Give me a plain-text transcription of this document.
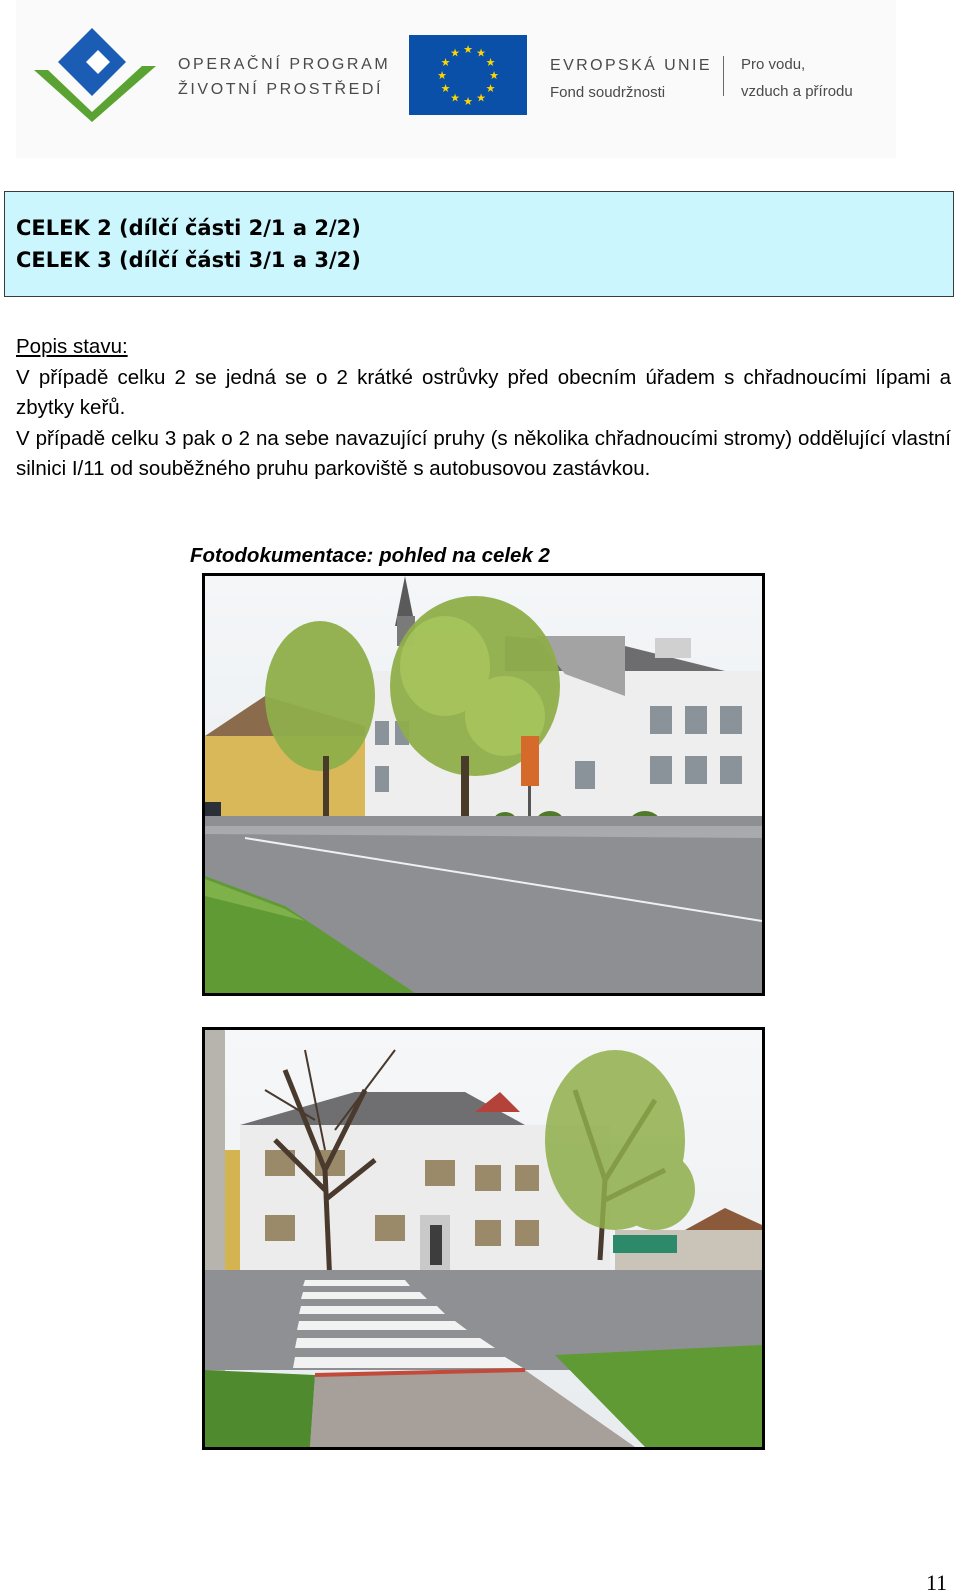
OPERAČNÍ PROGRAM
ŽIVOTNÍ PROSTŘEDÍ
★ ★
★
★
★
★
★
★
★
★
★
★
EVROPSKÁ UNIE
Fond soudržnosti
Pro vodu,
vzduch a přírodu
CELEK 2 (dílčí části 2/1 a 2/2)
CELEK 3 (dílčí části 3/1 a 3/2)
Popis stavu:

V případě celku 2 se jedná se o 2 krátké ostrůvky před obecním úřadem s chřadnoucími lípami a zbytky keřů.

V případě celku 3 pak o 2 na sebe navazující pruhy (s několika chřadnoucími stromy) oddělující vlastní silnici I/11 od souběžného pruhu parkoviště s autobusovou zastávkou.

Fotodokumentace: pohled na celek 2
11
